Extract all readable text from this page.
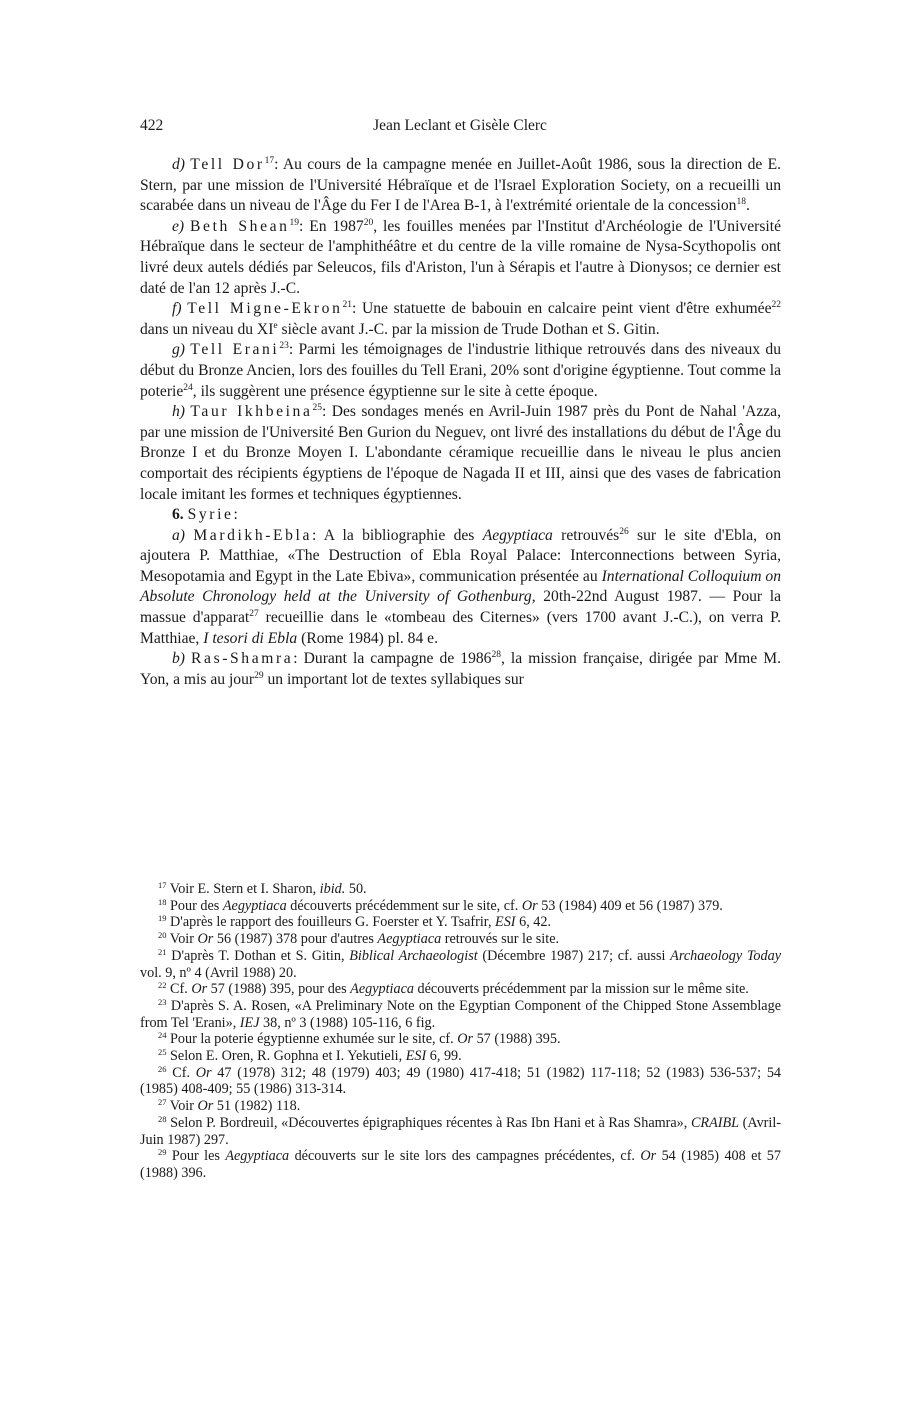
422	Jean Leclant et Gisèle Clerc

d) Tell Dor$^{17}$: Au cours de la campagne menée en Juillet-Août 1986, sous la direction de E. Stern, par une mission de l'Université Hébraïque et de l'Israel Exploration Society, on a recueilli un scarabée dans un niveau de l'Âge du Fer I de l'Area B-1, à l'extrémité orientale de la concession$^{18}$.

e) Beth Shean$^{19}$: En 1987$^{20}$, les fouilles menées par l'Institut d'Archéologie de l'Université Hébraïque dans le secteur de l'amphithéâtre et du centre de la ville romaine de Nysa-Scythopolis ont livré deux autels dédiés par Seleucos, fils d'Ariston, l'un à Sérapis et l'autre à Dionysos; ce dernier est daté de l'an 12 après J.-C.

f) Tell Migne-Ekron$^{21}$: Une statuette de babouin en calcaire peint vient d'être exhumée$^{22}$ dans un niveau du XIe siècle avant J.-C. par la mission de Trude Dothan et S. Gitin.

g) Tell Erani$^{23}$: Parmi les témoignages de l'industrie lithique retrouvés dans des niveaux du début du Bronze Ancien, lors des fouilles du Tell Erani, 20% sont d'origine égyptienne. Tout comme la poterie$^{24}$, ils suggèrent une présence égyptienne sur le site à cette époque.

h) Taur Ikhbeina$^{25}$: Des sondages menés en Avril-Juin 1987 près du Pont de Nahal 'Azza, par une mission de l'Université Ben Gurion du Neguev, ont livré des installations du début de l'Âge du Bronze I et du Bronze Moyen I. L'abondante céramique recueillie dans le niveau le plus ancien comportait des récipients égyptiens de l'époque de Nagada II et III, ainsi que des vases de fabrication locale imitant les formes et techniques égyptiennes.

6. Syrie:

a) Mardikh-Ebla: A la bibliographie des Aegyptiaca retrouvés$^{26}$ sur le site d'Ebla, on ajoutera P. Matthiae, «The Destruction of Ebla Royal Palace: Interconnections between Syria, Mesopotamia and Egypt in the Late Ebiva», communication présentée au International Colloquium on Absolute Chronology held at the University of Gothenburg, 20th-22nd August 1987. — Pour la massue d'apparat$^{27}$ recueillie dans le «tombeau des Citernes» (vers 1700 avant J.-C.), on verra P. Matthiae, I tesori di Ebla (Rome 1984) pl. 84 e.

b) Ras-Shamra: Durant la campagne de 1986$^{28}$, la mission française, dirigée par Mme M. Yon, a mis au jour$^{29}$ un important lot de textes syllabiques sur

$^{17}$ Voir E. Stern et I. Sharon, ibid. 50.

$^{18}$ Pour des Aegyptiaca découverts précédemment sur le site, cf. Or 53 (1984) 409 et 56 (1987) 379.

$^{19}$ D'après le rapport des fouilleurs G. Foerster et Y. Tsafrir, ESI 6, 42.

$^{20}$ Voir Or 56 (1987) 378 pour d'autres Aegyptiaca retrouvés sur le site.

$^{21}$ D'après T. Dothan et S. Gitin, Biblical Archaeologist (Décembre 1987) 217; cf. aussi Archaeology Today vol. 9, nº 4 (Avril 1988) 20.

$^{22}$ Cf. Or 57 (1988) 395, pour des Aegyptiaca découverts précédemment par la mission sur le même site.

$^{23}$ D'après S. A. Rosen, «A Preliminary Note on the Egyptian Component of the Chipped Stone Assemblage from Tel 'Erani», IEJ 38, nº 3 (1988) 105-116, 6 fig.

$^{24}$ Pour la poterie égyptienne exhumée sur le site, cf. Or 57 (1988) 395.

$^{25}$ Selon E. Oren, R. Gophna et I. Yekutieli, ESI 6, 99.

$^{26}$ Cf. Or 47 (1978) 312; 48 (1979) 403; 49 (1980) 417-418; 51 (1982) 117-118; 52 (1983) 536-537; 54 (1985) 408-409; 55 (1986) 313-314.

$^{27}$ Voir Or 51 (1982) 118.

$^{28}$ Selon P. Bordreuil, «Découvertes épigraphiques récentes à Ras Ibn Hani et à Ras Shamra», CRAIBL (Avril-Juin 1987) 297.

$^{29}$ Pour les Aegyptiaca découverts sur le site lors des campagnes précédentes, cf. Or 54 (1985) 408 et 57 (1988) 396.
